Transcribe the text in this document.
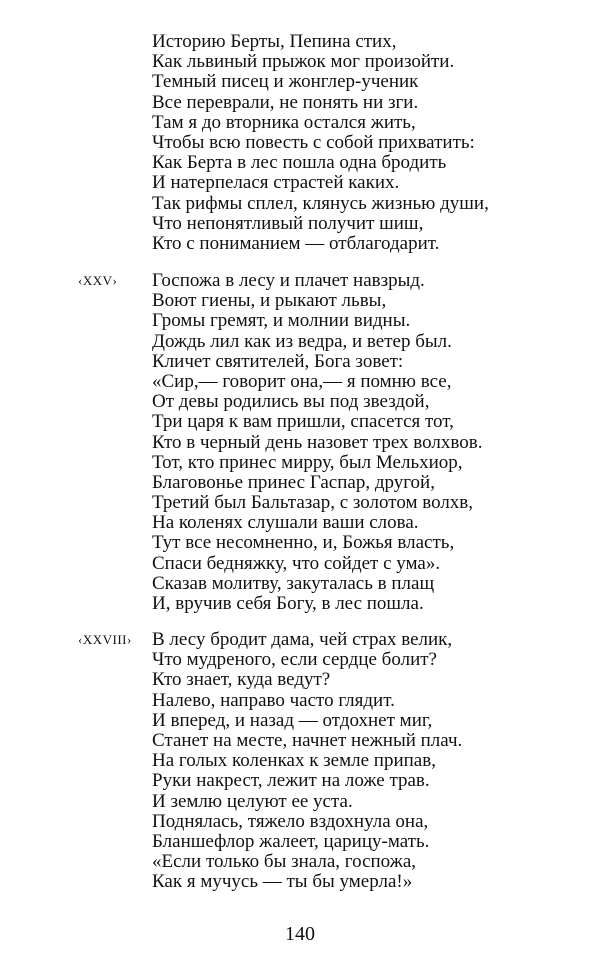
Историю Берты, Пепина стих,
Как львиный прыжок мог произойти.
Темный писец и жонглер-ученик
Все переврали, не понять ни зги.
Там я до вторника остался жить,
Чтобы всю повесть с собой прихватить:
Как Берта в лес пошла одна бродить
И натерпелася страстей каких.
Так рифмы сплел, клянусь жизнью души,
Что непонятливый получит шиш,
Кто с пониманием — отблагодарит.
‹XXV› Госпожа в лесу и плачет навзрыд.
Воют гиены, и рыкают львы,
Громы гремят, и молнии видны.
Дождь лил как из ведра, и ветер был.
Кличет святителей, Бога зовет:
«Сир,— говорит она,— я помню все,
От девы родились вы под звездой,
Три царя к вам пришли, спасется тот,
Кто в черный день назовет трех волхвов.
Тот, кто принес мирру, был Мельхиор,
Благовонье принес Гаспар, другой,
Третий был Бальтазар, с золотом волхв,
На коленях слушали ваши слова.
Тут все несомненно, и, Божья власть,
Спаси бедняжку, что сойдет с ума».
Сказав молитву, закуталась в плащ
И, вручив себя Богу, в лес пошла.
‹XXVIII› В лесу бродит дама, чей страх велик,
Что мудреного, если сердце болит?
Кто знает, куда ведут?
Налево, направо часто глядит.
И вперед, и назад — отдохнет миг,
Станет на месте, начнет нежный плач.
На голых коленках к земле припав,
Руки накрест, лежит на ложе трав.
И землю целуют ее уста.
Поднялась, тяжело вздохнула она,
Бланшефлор жалеет, царицу-мать.
«Если только бы знала, госпожа,
Как я мучусь — ты бы умерла!»
140
